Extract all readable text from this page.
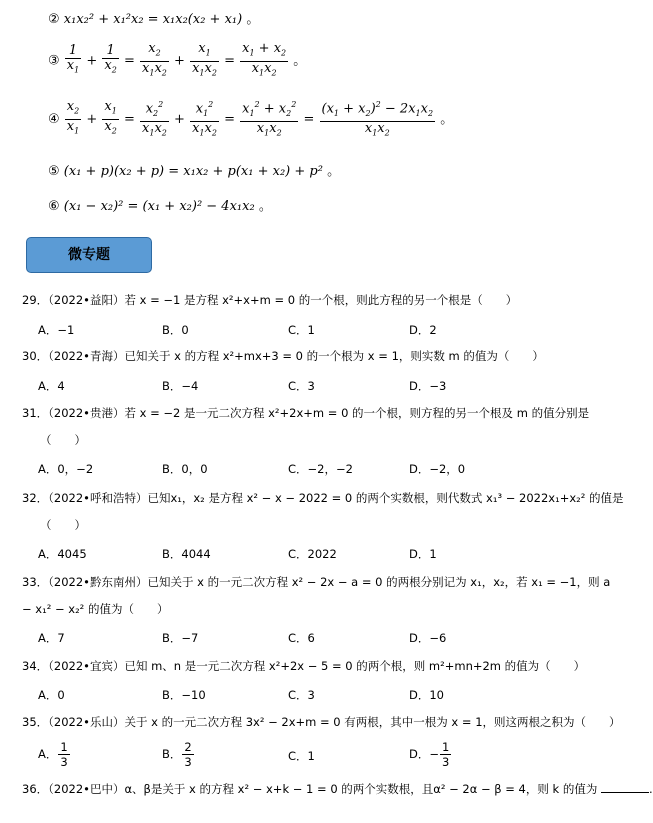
② x₁x₂² + x₁²x₂ = x₁x₂(x₂ + x₁) 。
③ $\frac{1}{x_1} + \frac{1}{x_2} = \frac{x_2}{x_1x_2} + \frac{x_1}{x_1x_2} = \frac{x_1 + x_2}{x_1x_2}$ 。
④ $\frac{x_2}{x_1} + \frac{x_1}{x_2} = \frac{x_2^2}{x_1x_2} + \frac{x_1^2}{x_1x_2} = \frac{x_1^2 + x_2^2}{x_1x_2} = \frac{(x_1 + x_2)^2 - 2x_1x_2}{x_1x_2}$ 。
⑤ (x₁ + p)(x₂ + p) = x₁x₂ + p(x₁ + x₂) + p² 。
⑥ (x₁ − x₂)² = (x₁ + x₂)² − 4x₁x₂ 。
微专题
29．（2022•益阳）若 x = −1 是方程 x²+x+m = 0 的一个根，则此方程的另一个根是（　　）
A．−1	B．0	C．1	D．2
30．（2022•青海）已知关于 x 的方程 x²+mx+3 = 0 的一个根为 x = 1，则实数 m 的值为（　　）
A．4	B．−4	C．3	D．−3
31．（2022•贵港）若 x = −2 是一元二次方程 x²+2x+m = 0 的一个根，则方程的另一个根及 m 的值分别是
（　　）
A．0，−2	B．0，0	C．−2，−2	D．−2，0
32．（2022•呼和浩特）已知x₁，x₂ 是方程 x² − x − 2022 = 0 的两个实数根，则代数式 x₁³ − 2022x₁+x₂² 的值是
（　　）
A．4045	B．4044	C．2022	D．1
33．（2022•黔东南州）已知关于 x 的一元二次方程 x² − 2x − a = 0 的两根分别记为 x₁，x₂，若 x₁ = −1，则 a
− x₁² − x₂² 的值为（　　）
A．7	B．−7	C．6	D．−6
34．（2022•宜宾）已知 m、n 是一元二次方程 x²+2x − 5 = 0 的两个根，则 m²+mn+2m 的值为（　　）
A．0	B．−10	C．3	D．10
35．（2022•乐山）关于 x 的一元二次方程 3x² − 2x+m = 0 有两根，其中一根为 x = 1，则这两根之积为（　　）
A． $\frac{1}{3}$	B． $\frac{2}{3}$	C．1	D．− $\frac{1}{3}$
36．（2022•巴中）α、β是关于 x 的方程 x² − x+k − 1 = 0 的两个实数根，且α² − 2α − β = 4，则 k 的值为	.
